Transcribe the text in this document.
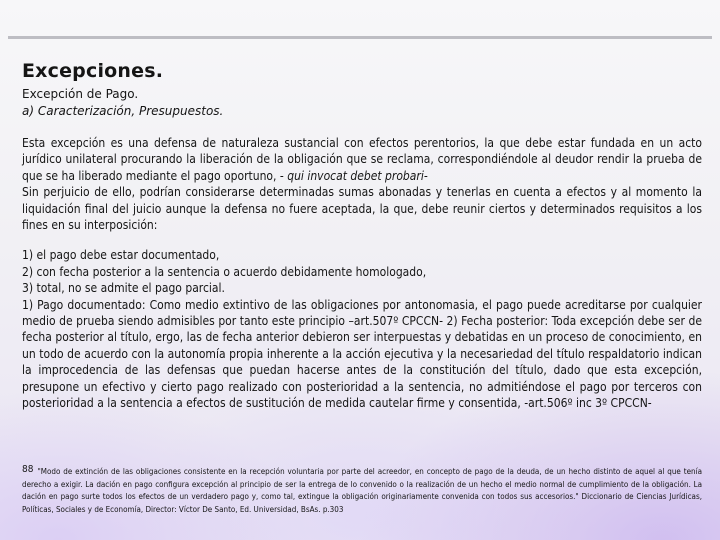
Excepciones.
Excepción de Pago.
a) Caracterización, Presupuestos.

Esta excepción es una defensa de naturaleza sustancial con efectos perentorios, la que debe estar fundada en un acto jurídico unilateral procurando la liberación de la obligación que se reclama, correspondiéndole al deudor rendir la prueba de que se ha liberado mediante el pago oportuno, - qui invocat debet probari-

Sin perjuicio de ello, podrían considerarse determinadas sumas abonadas y tenerlas en cuenta a efectos y al momento la liquidación final del juicio aunque la defensa no fuere aceptada, la que, debe reunir ciertos y determinados requisitos a los fines en su interposición:

1) el pago debe estar documentado,

2) con fecha posterior a la sentencia o acuerdo debidamente homologado,

3) total, no se admite el pago parcial.

1) Pago documentado: Como medio extintivo de las obligaciones por antonomasia, el pago puede acreditarse por cualquier medio de prueba siendo admisibles por tanto este principio –art.507º CPCCN- 2) Fecha posterior: Toda excepción debe ser de fecha posterior al título, ergo, las de fecha anterior debieron ser interpuestas y debatidas en un proceso de conocimiento, en un todo de acuerdo con la autonomía propia inherente a la acción ejecutiva y la necesariedad del título respaldatorio indican la improcedencia de las defensas que puedan hacerse antes de la constitución del título, dado que esta excepción, presupone un efectivo y cierto pago realizado con posterioridad a la sentencia, no admitiéndose el pago por terceros con posterioridad a la sentencia a efectos de sustitución de medida cautelar firme y consentida, -art.506º inc 3º CPCCN-

88 "Modo de extinción de las obligaciones consistente en la recepción voluntaria por parte del acreedor, en concepto de pago de la deuda, de un hecho distinto de aquel al que tenía derecho a exigir. La dación en pago configura excepción al principio de ser la entrega de lo convenido o la realización de un hecho el medio normal de cumplimiento de la obligación. La dación en pago surte todos los efectos de un verdadero pago y, como tal, extingue la obligación originariamente convenida con todos sus accesorios." Diccionario de Ciencias Jurídicas, Políticas, Sociales y de Economía, Director: Víctor De Santo, Ed. Universidad, BsAs. p.303
